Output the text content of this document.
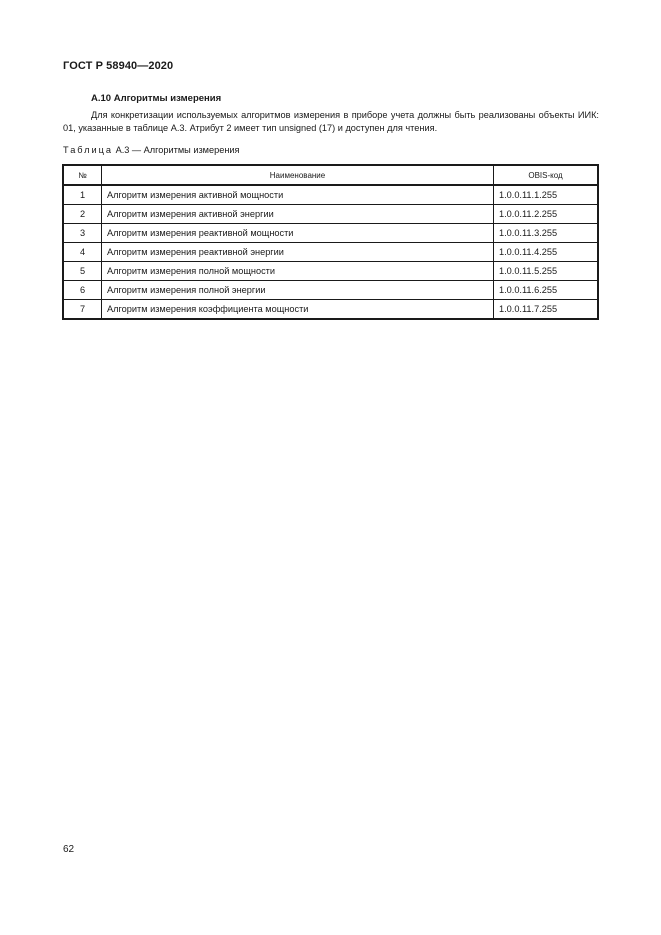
ГОСТ Р 58940—2020
А.10 Алгоритмы измерения

Для конкретизации используемых алгоритмов измерения в приборе учета должны быть реализованы объекты ИИК: 01, указанные в таблице А.3. Атрибут 2 имеет тип unsigned (17) и доступен для чтения.

Таблица А.3 — Алгоритмы измерения
№	Наименование	OBIS-код
1	Алгоритм измерения активной мощности	1.0.0.11.1.255
2	Алгоритм измерения активной энергии	1.0.0.11.2.255
3	Алгоритм измерения реактивной мощности	1.0.0.11.3.255
4	Алгоритм измерения реактивной энергии	1.0.0.11.4.255
5	Алгоритм измерения полной мощности	1.0.0.11.5.255
6	Алгоритм измерения полной энергии	1.0.0.11.6.255
7	Алгоритм измерения коэффициента мощности	1.0.0.11.7.255
62
